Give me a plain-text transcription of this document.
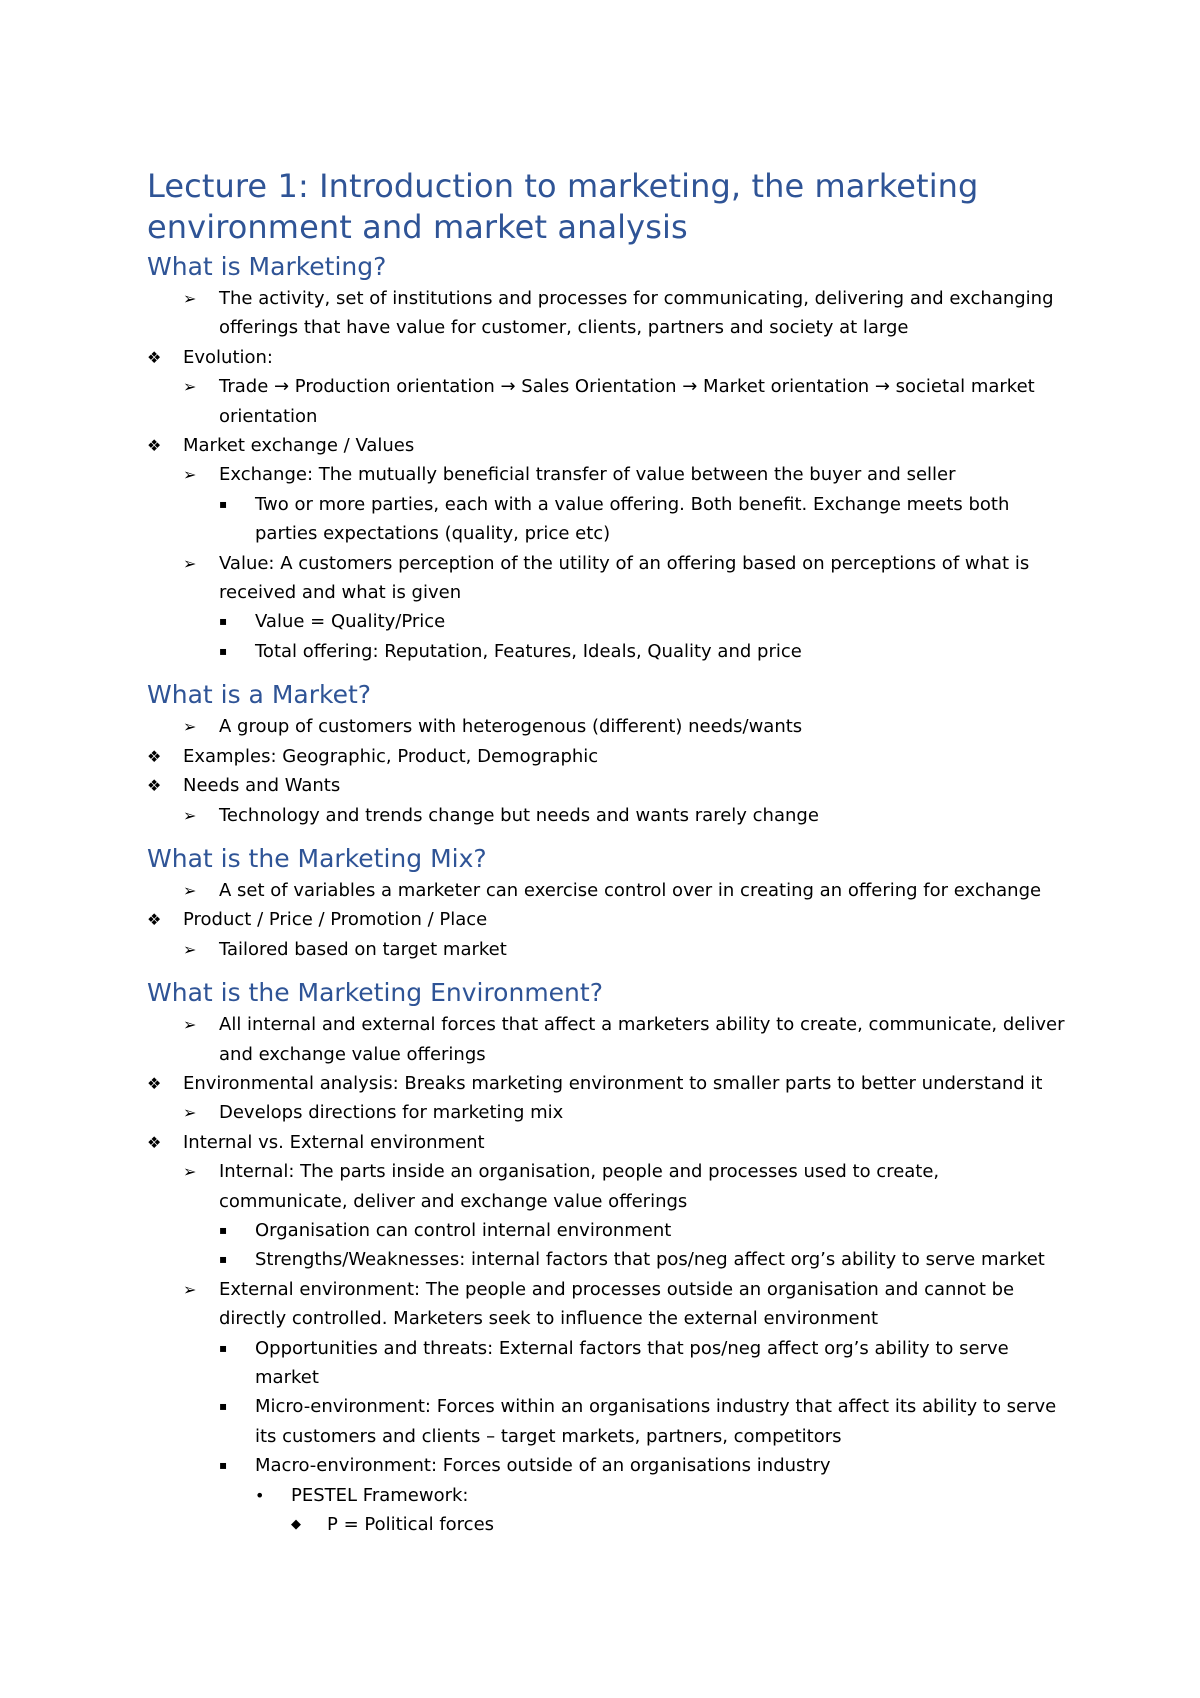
Lecture 1: Introduction to marketing, the marketing environment and market analysis
What is Marketing?
➢	The activity, set of institutions and processes for communicating, delivering and exchanging offerings that have value for customer, clients, partners and society at large
❖	Evolution:
➢	Trade → Production orientation → Sales Orientation → Market orientation → societal market orientation
❖	Market exchange / Values
➢	Exchange: The mutually beneficial transfer of value between the buyer and seller
▪	Two or more parties, each with a value offering. Both benefit. Exchange meets both parties expectations (quality, price etc)
➢	Value: A customers perception of the utility of an offering based on perceptions of what is received and what is given
▪	Value = Quality/Price
▪	Total offering: Reputation, Features, Ideals, Quality and price
What is a Market?
➢	A group of customers with heterogenous (different) needs/wants
❖	Examples: Geographic, Product, Demographic
❖	Needs and Wants
➢	Technology and trends change but needs and wants rarely change
What is the Marketing Mix?
➢	A set of variables a marketer can exercise control over in creating an offering for exchange
❖	Product / Price / Promotion / Place
➢	Tailored based on target market
What is the Marketing Environment?
➢	All internal and external forces that affect a marketers ability to create, communicate, deliver and exchange value offerings
❖	Environmental analysis: Breaks marketing environment to smaller parts to better understand it
➢	Develops directions for marketing mix
❖	Internal vs. External environment
➢	Internal: The parts inside an organisation, people and processes used to create, communicate, deliver and exchange value offerings
▪	Organisation can control internal environment
▪	Strengths/Weaknesses: internal factors that pos/neg affect org’s ability to serve market
➢	External environment: The people and processes outside an organisation and cannot be directly controlled. Marketers seek to influence the external environment
▪	Opportunities and threats: External factors that pos/neg affect org’s ability to serve market
▪	Micro-environment: Forces within an organisations industry that affect its ability to serve its customers and clients – target markets, partners, competitors
▪	Macro-environment: Forces outside of an organisations industry
•	PESTEL Framework:
◆	P = Political forces
